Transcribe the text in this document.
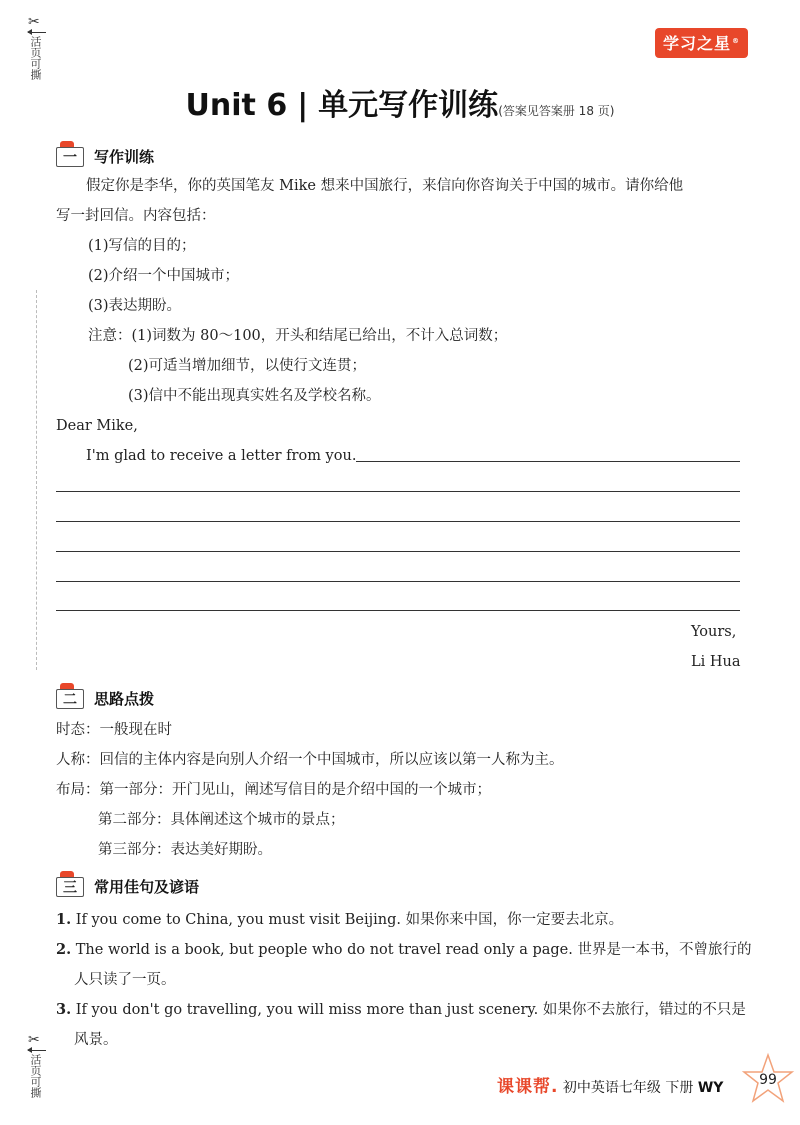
✂
活页可撕
✂
活页可撕
学习之星®
Unit 6 | 单元写作训练(答案见答案册 18 页)
一	写作训练
假定你是李华，你的英国笔友 Mike 想来中国旅行，来信向你咨询关于中国的城市。请你给他
写一封回信。内容包括：
(1)写信的目的；
(2)介绍一个中国城市；
(3)表达期盼。
注意：(1)词数为 80～100，开头和结尾已给出，不计入总词数；
(2)可适当增加细节，以使行文连贯；
(3)信中不能出现真实姓名及学校名称。
Dear Mike,
I'm glad to receive a letter from you.
Yours,
Li Hua
二	思路点拨
时态：一般现在时
人称：回信的主体内容是向别人介绍一个中国城市，所以应该以第一人称为主。
布局：第一部分：开门见山，阐述写信目的是介绍中国的一个城市；
第二部分：具体阐述这个城市的景点；
第三部分：表达美好期盼。
三	常用佳句及谚语
1. If you come to China, you must visit Beijing. 如果你来中国，你一定要去北京。
2. The world is a book, but people who do not travel read only a page. 世界是一本书，不曾旅行的
人只读了一页。
3. If you don't go travelling, you will miss more than just scenery. 如果你不去旅行，错过的不只是
风景。
课课帮. 初中英语七年级 下册 WY	99
